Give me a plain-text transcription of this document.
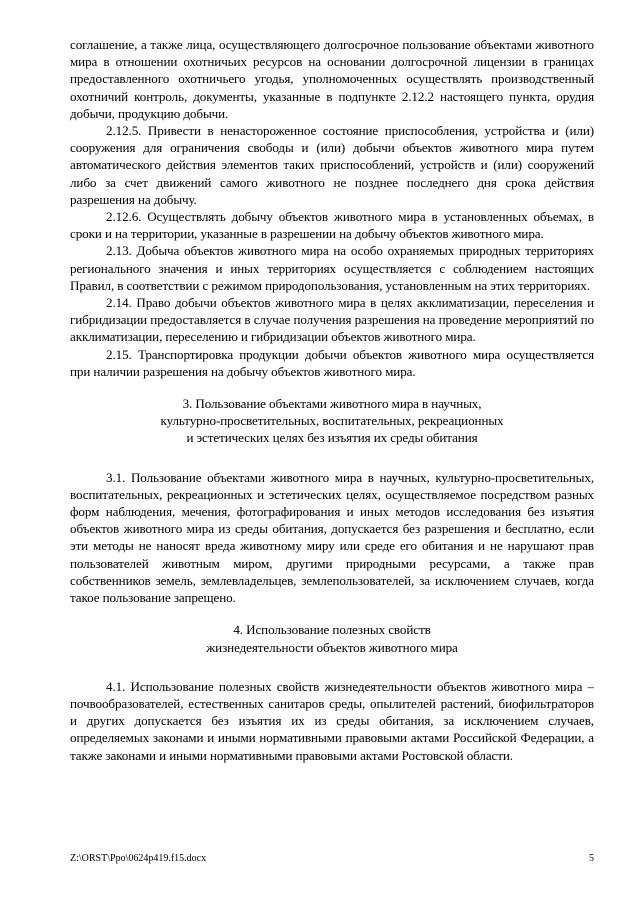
соглашение, а также лица, осуществляющего долгосрочное пользование объектами животного мира в отношении охотничьих ресурсов на основании долгосрочной лицензии в границах предоставленного охотничьего угодья, уполномоченных осуществлять производственный охотничий контроль, документы, указанные в подпункте 2.12.2 настоящего пункта, орудия добычи, продукцию добычи.

2.12.5. Привести в ненастороженное состояние приспособления, устройства и (или) сооружения для ограничения свободы и (или) добычи объектов животного мира путем автоматического действия элементов таких приспособлений, устройств и (или) сооружений либо за счет движений самого животного не позднее последнего дня срока действия разрешения на добычу.

2.12.6. Осуществлять добычу объектов животного мира в установленных объемах, в сроки и на территории, указанные в разрешении на добычу объектов животного мира.

2.13. Добыча объектов животного мира на особо охраняемых природных территориях регионального значения и иных территориях осуществляется с соблюдением настоящих Правил, в соответствии с режимом природопользования, установленным на этих территориях.

2.14. Право добычи объектов животного мира в целях акклиматизации, переселения и гибридизации предоставляется в случае получения разрешения на проведение мероприятий по акклиматизации, переселению и гибридизации объектов животного мира.

2.15. Транспортировка продукции добычи объектов животного мира осуществляется при наличии разрешения на добычу объектов животного мира.

3. Пользование объектами животного мира в научных,
культурно-просветительных, воспитательных, рекреационных
и эстетических целях без изъятия их среды обитания

3.1. Пользование объектами животного мира в научных, культурно-просветительных, воспитательных, рекреационных и эстетических целях, осуществляемое посредством разных форм наблюдения, мечения, фотографирования и иных методов исследования без изъятия объектов животного мира из среды обитания, допускается без разрешения и бесплатно, если эти методы не наносят вреда животному миру или среде его обитания и не нарушают прав пользователей животным миром, другими природными ресурсами, а также прав собственников земель, землевладельцев, землепользователей, за исключением случаев, когда такое пользование запрещено.

4. Использование полезных свойств
жизнедеятельности объектов животного мира

4.1. Использование полезных свойств жизнедеятельности объектов животного мира – почвообразователей, естественных санитаров среды, опылителей растений, биофильтраторов и других допускается без изъятия их из среды обитания, за исключением случаев, определяемых законами и иными нормативными правовыми актами Российской Федерации, а также законами и иными нормативными правовыми актами Ростовской области.

Z:\ORST\Ppo\0624p419.f15.docx	5
